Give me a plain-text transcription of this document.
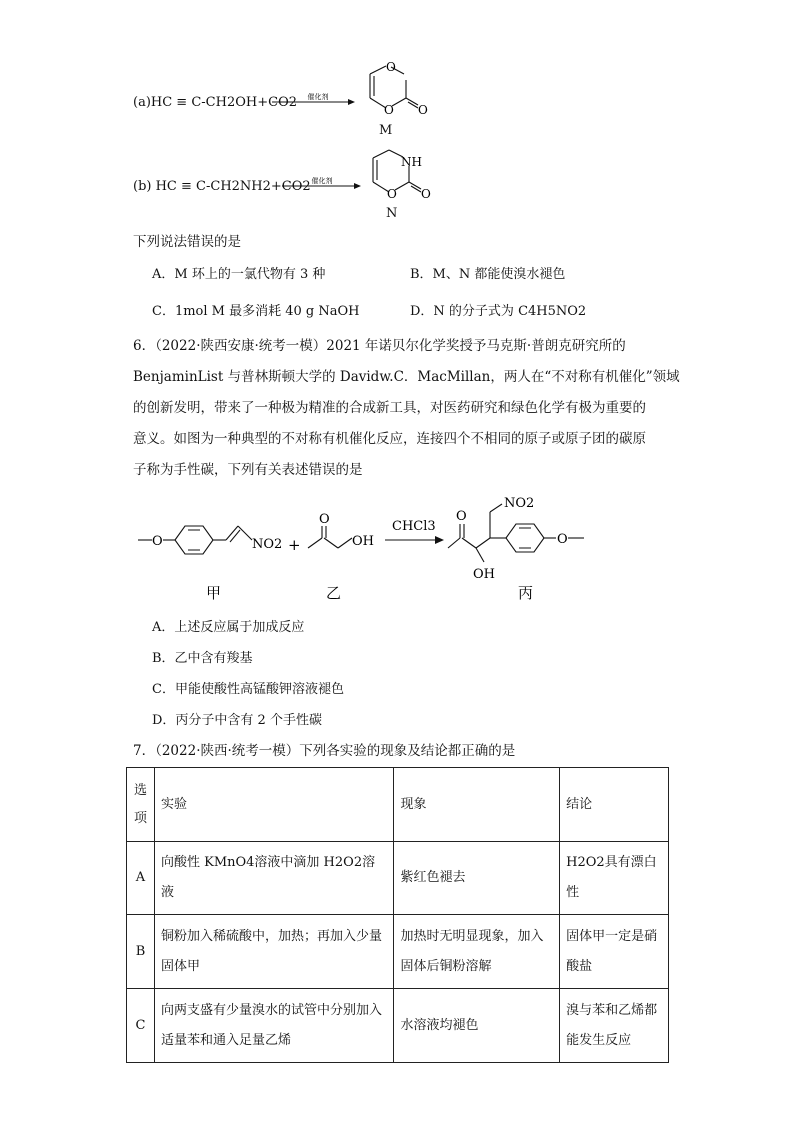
(a)HC ≡ C-CH2OH+CO2 催化剂
O
O O
M
(b) HC ≡ C-CH2NH2+CO2 催化剂
NH
O O
N
下列说法错误的是
A．M 环上的一氯代物有 3 种	B．M、N 都能使溴水褪色
C．1mol M 最多消耗 40 g NaOH	D．N 的分子式为 C4H5NO2
6．（2022·陕西安康·统考一模）2021 年诺贝尔化学奖授予马克斯·普朗克研究所的
BenjaminList 与普林斯顿大学的 Davidw.C．MacMillan，两人在“不对称有机催化”领域
的创新发明，带来了一种极为精准的合成新工具，对医药研究和绿色化学有极为重要的
意义。如图为一种典型的不对称有机催化反应，连接四个不相同的原子或原子团的碳原
子称为手性碳，下列有关表述错误的是
O	NO2 +
O
OH
CHCl3
O
OH
NO2
O
甲	乙	丙
A．上述反应属于加成反应
B．乙中含有羧基
C．甲能使酸性高锰酸钾溶液褪色
D．丙分子中含有 2 个手性碳
7．（2022·陕西·统考一模）下列各实验的现象及结论都正确的是
选项	实验	现象	结论
A	向酸性 KMnO4溶液中滴加 H2O2溶液	紫红色褪去	H2O2具有漂白性
B	铜粉加入稀硫酸中，加热；再加入少量固体甲	加热时无明显现象，加入固体后铜粉溶解	固体甲一定是硝酸盐
C	向两支盛有少量溴水的试管中分别加入适量苯和通入足量乙烯	水溶液均褪色	溴与苯和乙烯都能发生反应
